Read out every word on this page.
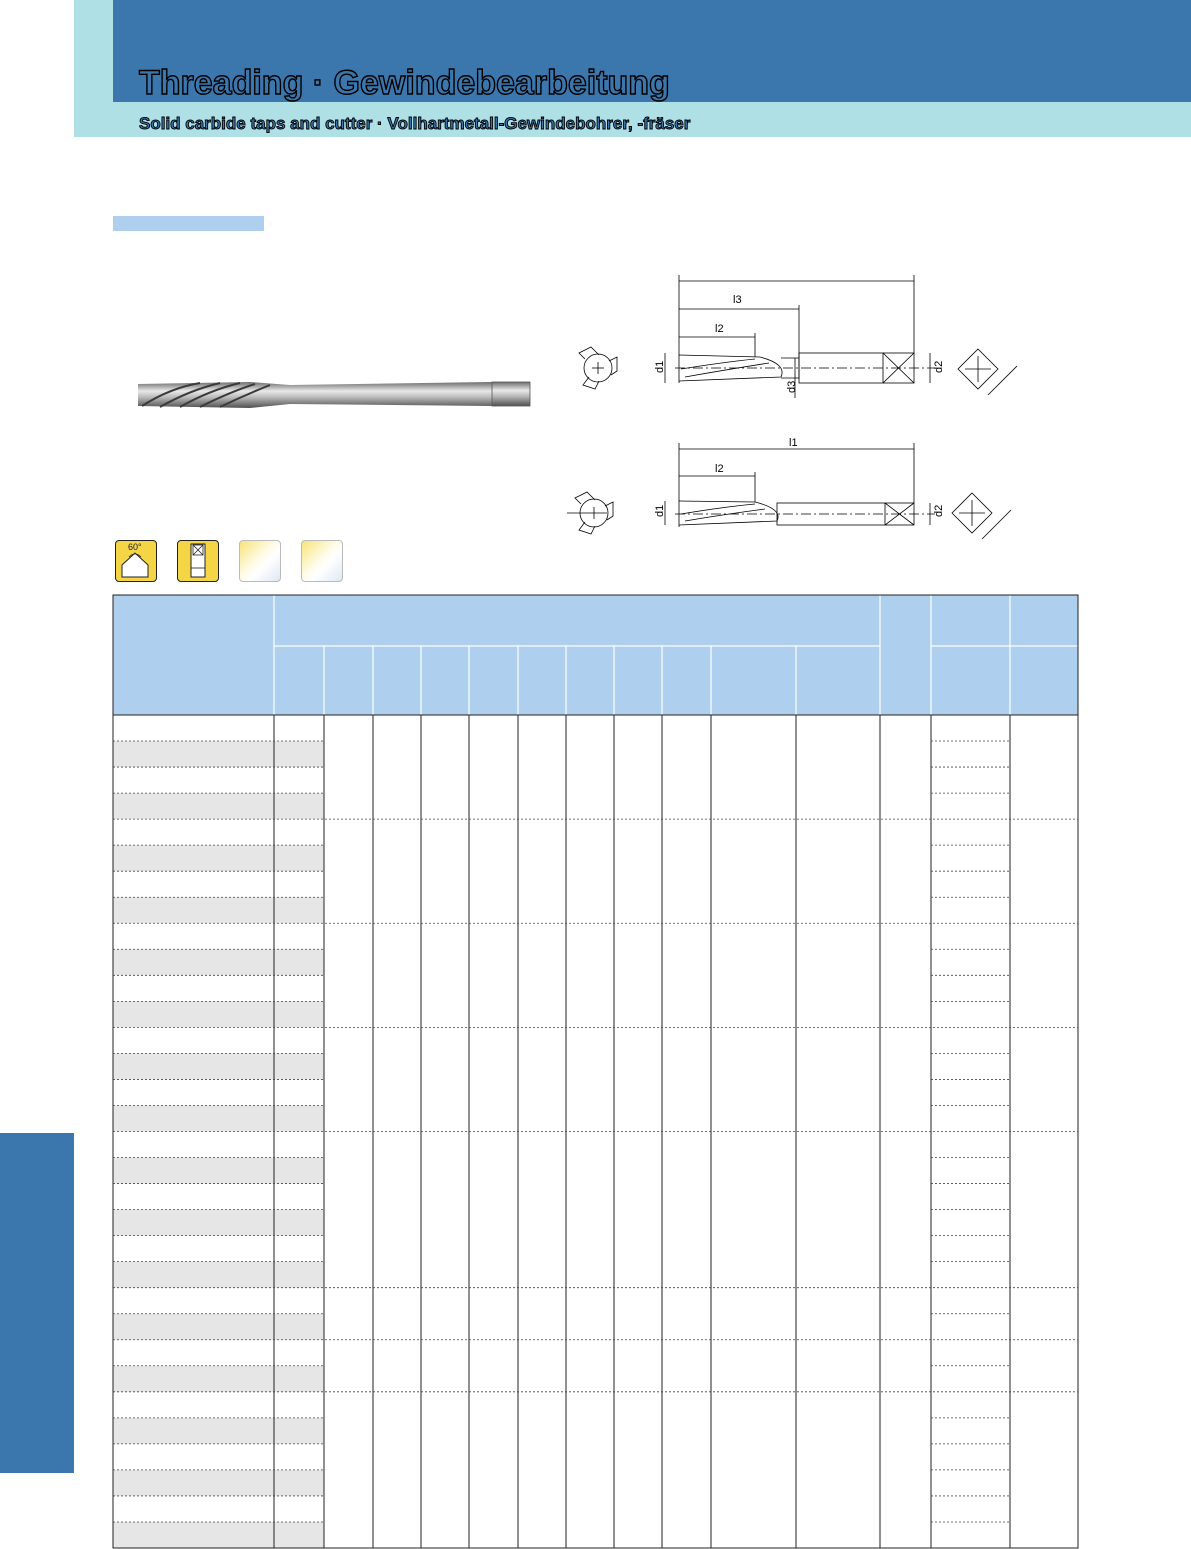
Threading · Gewindebearbeitung
Solid carbide taps and cutter · Vollhartmetall-Gewindebohrer, -fräser
l3
l2
d1
d3
d2
l1
l2
d1	d2
60°
